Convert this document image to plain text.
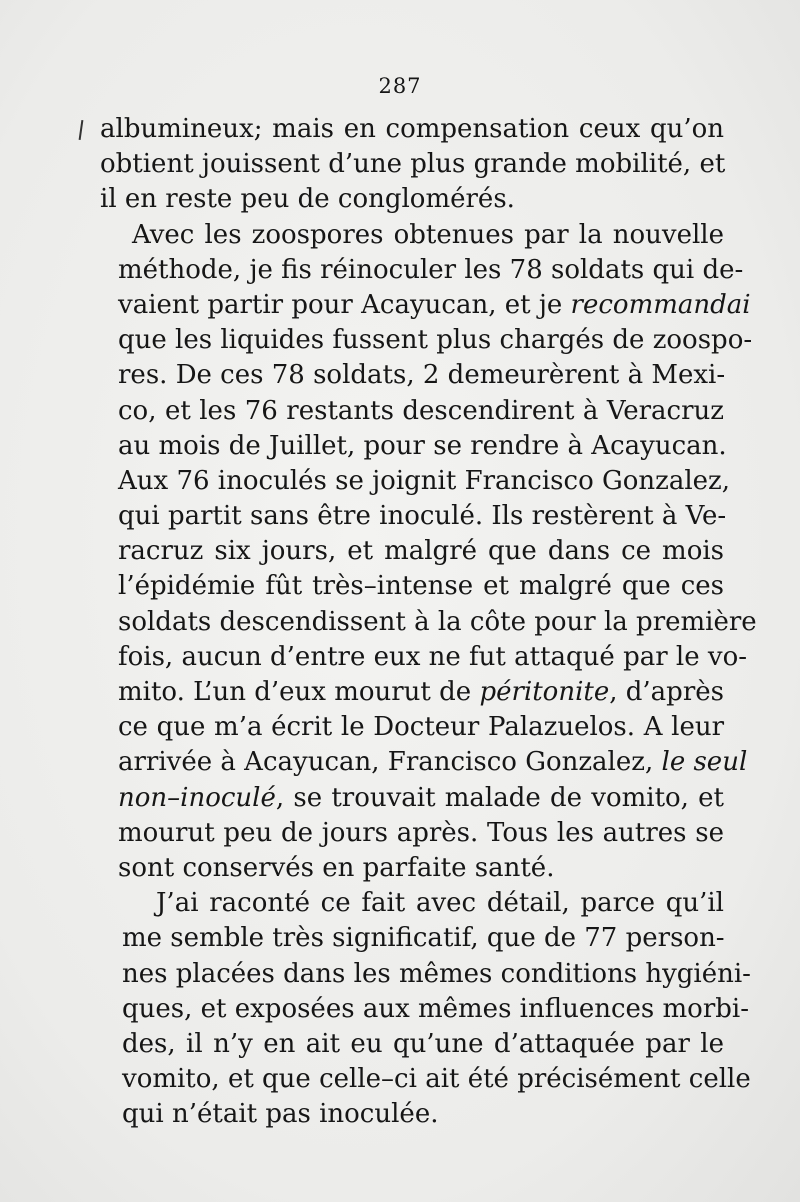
287
albumineux; mais en compensation ceux qu’on
obtient jouissent d’une plus grande mobilité, et
il en reste peu de conglomérés.
Avec les zoospores obtenues par la nouvelle
méthode, je fis réinoculer les 78 soldats qui de-
vaient partir pour Acayucan, et je recommandai
que les liquides fussent plus chargés de zoospo-
res. De ces 78 soldats, 2 demeurèrent à Mexi-
co, et les 76 restants descendirent à Veracruz
au mois de Juillet, pour se rendre à Acayucan.
Aux 76 inoculés se joignit Francisco Gonzalez,
qui partit sans être inoculé. Ils restèrent à Ve-
racruz six jours, et malgré que dans ce mois
l’épidémie fût très–intense et malgré que ces
soldats descendissent à la côte pour la première
fois, aucun d’entre eux ne fut attaqué par le vo-
mito. L’un d’eux mourut de péritonite, d’après
ce que m’a écrit le Docteur Palazuelos. A leur
arrivée à Acayucan, Francisco Gonzalez, le seul
non–inoculé, se trouvait malade de vomito, et
mourut peu de jours après. Tous les autres se
sont conservés en parfaite santé.
J’ai raconté ce fait avec détail, parce qu’il
me semble très significatif, que de 77 person-
nes placées dans les mêmes conditions hygiéni-
ques, et exposées aux mêmes influences morbi-
des, il n’y en ait eu qu’une d’attaquée par le
vomito, et que celle–ci ait été précisément celle
qui n’était pas inoculée.
